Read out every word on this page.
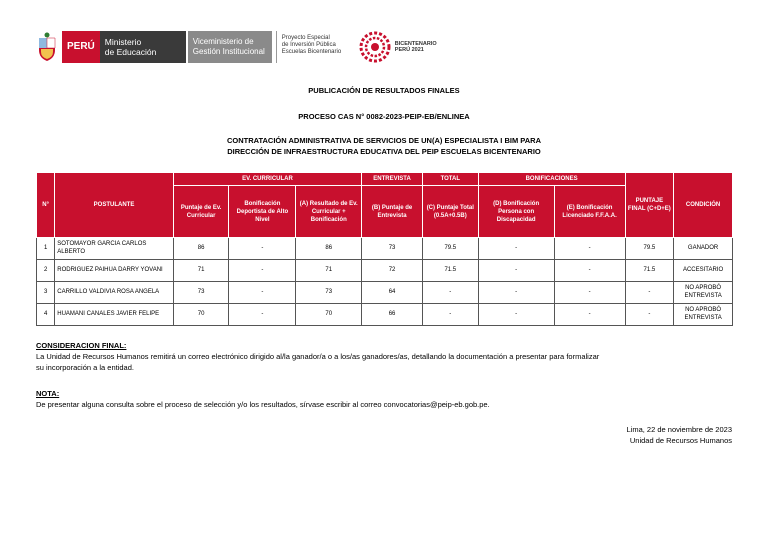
PERÚ	Ministerio
de Educación
Viceministerio de
Gestión Institucional
Proyecto Especial
de Inversión Pública
Escuelas Bicentenario
BICENTENARIO
PERÚ 2021
PUBLICACIÓN DE RESULTADOS FINALES
PROCESO CAS N° 0082-2023-PEIP-EB/ENLINEA
CONTRATACIÓN ADMINISTRATIVA DE SERVICIOS DE UN(A) ESPECIALISTA I BIM PARA
DIRECCIÓN DE INFRAESTRUCTURA EDUCATIVA DEL PEIP ESCUELAS BICENTENARIO
N°	POSTULANTE	EV. CURRICULAR			ENTREVISTA	TOTAL	BONIFICACIONES		PUNTAJE FINAL (C+D+E)	CONDICIÓN
		Puntaje de Ev. Curricular	Bonificación Deportista de Alto Nivel	(A) Resultado de Ev. Curricular + Bonificación	(B) Puntaje de Entrevista	(C) Puntaje Total (0.5A+0.5B)	(D) Bonificación Persona con Discapacidad	(E) Bonificación Licenciado F.F.A.A.		
1	SOTOMAYOR GARCIA CARLOS ALBERTO	86	-	86	73	79.5	-	-	79.5	GANADOR
2	RODRIGUEZ PAIHUA DARRY YOVANI	71	-	71	72	71.5	-	-	71.5	ACCESITARIO
3	CARRILLO VALDIVIA ROSA ANGELA	73	-	73	64	-	-	-	-	NO APROBÓ ENTREVISTA
4	HUAMANI CANALES JAVIER FELIPE	70	-	70	66	-	-	-	-	NO APROBÓ ENTREVISTA
CONSIDERACION FINAL:
La Unidad de Recursos Humanos remitirá un correo electrónico dirigido al/la ganador/a o a los/as ganadores/as, detallando la documentación a presentar para formalizar
su incorporación a la entidad.
NOTA:
De presentar alguna consulta sobre el proceso de selección y/o los resultados, sírvase escribir al correo convocatorias@peip-eb.gob.pe.
Lima, 22 de noviembre de 2023
Unidad de Recursos Humanos
